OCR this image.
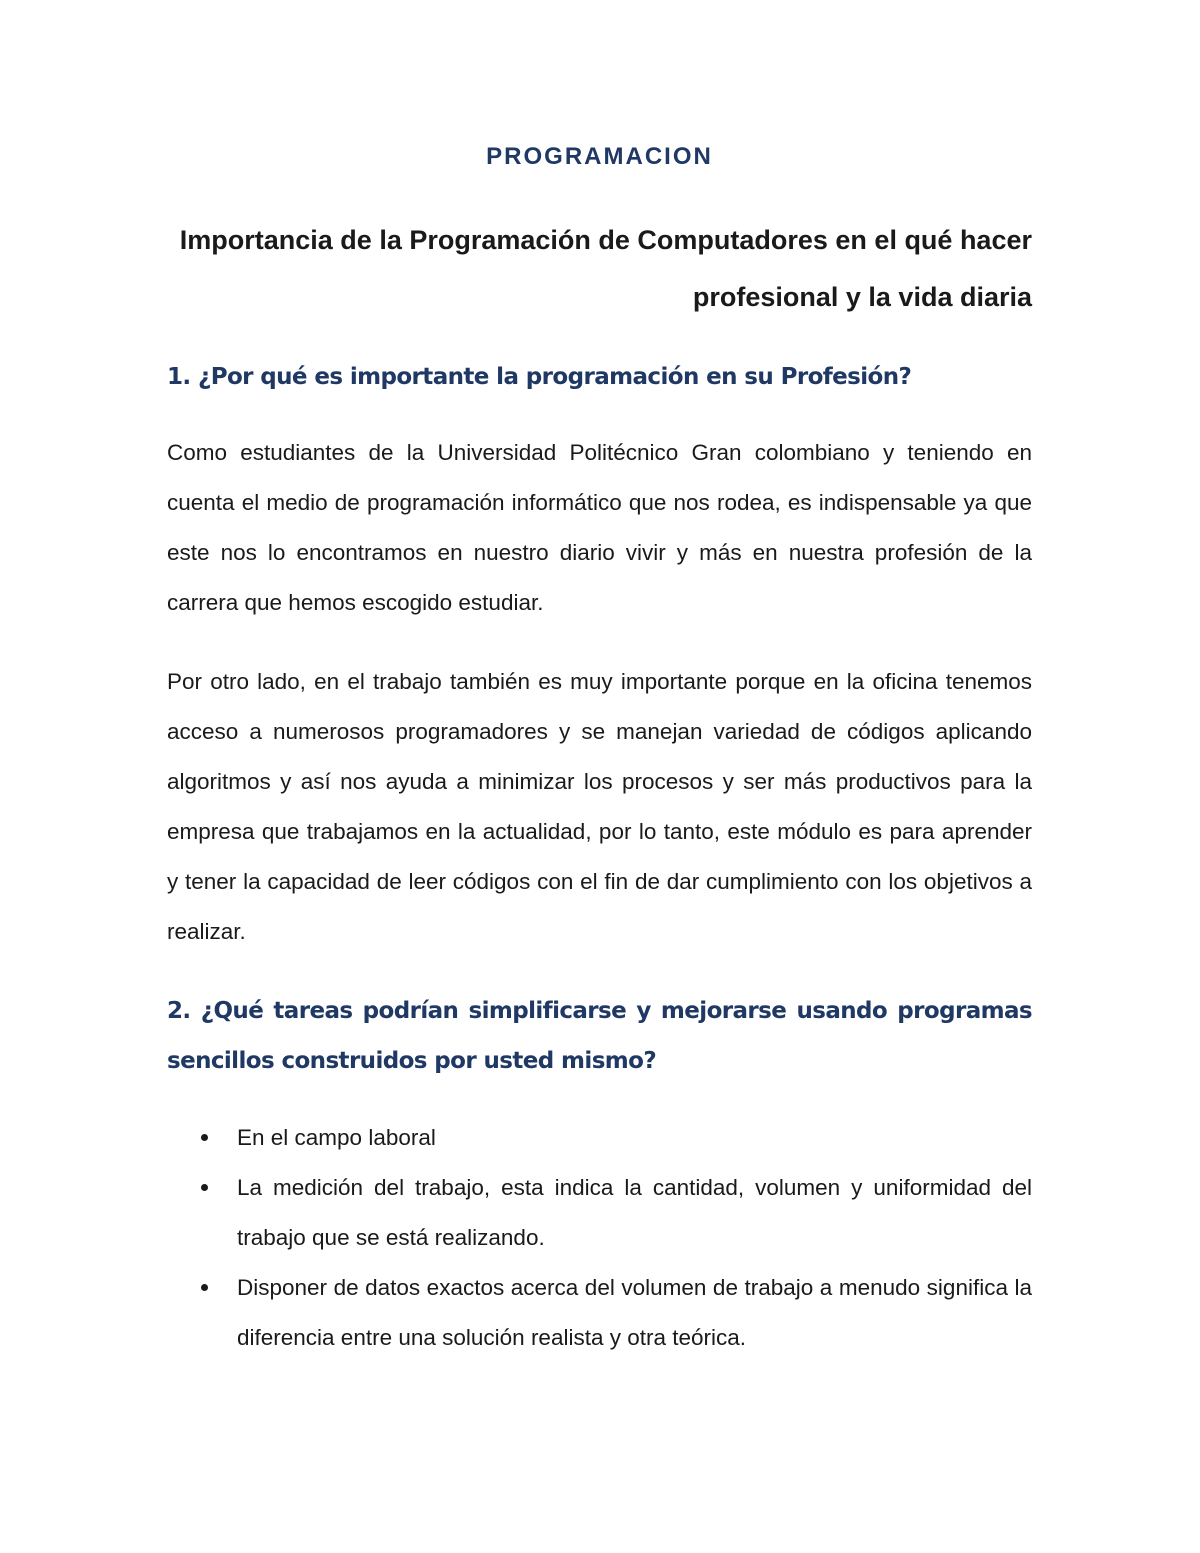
PROGRAMACION
Importancia de la Programación de Computadores en el qué hacer profesional y la vida diaria
1. ¿Por qué es importante la programación en su Profesión?

Como estudiantes de la Universidad Politécnico Gran colombiano y teniendo en cuenta el medio de programación informático que nos rodea, es indispensable ya que este nos lo encontramos en nuestro diario vivir y más en nuestra profesión de la carrera que hemos escogido estudiar.

Por otro lado, en el trabajo también es muy importante porque en la oficina tenemos acceso a numerosos programadores y se manejan variedad de códigos aplicando algoritmos y así nos ayuda a minimizar los procesos y ser más productivos para la empresa que trabajamos en la actualidad, por lo tanto, este módulo es para aprender y tener la capacidad de leer códigos con el fin de dar cumplimiento con los objetivos a realizar.

2. ¿Qué tareas podrían simplificarse y mejorarse usando programas sencillos construidos por usted mismo?
En el campo laboral
La medición del trabajo, esta indica la cantidad, volumen y uniformidad del trabajo que se está realizando.
Disponer de datos exactos acerca del volumen de trabajo a menudo significa la diferencia entre una solución realista y otra teórica.
